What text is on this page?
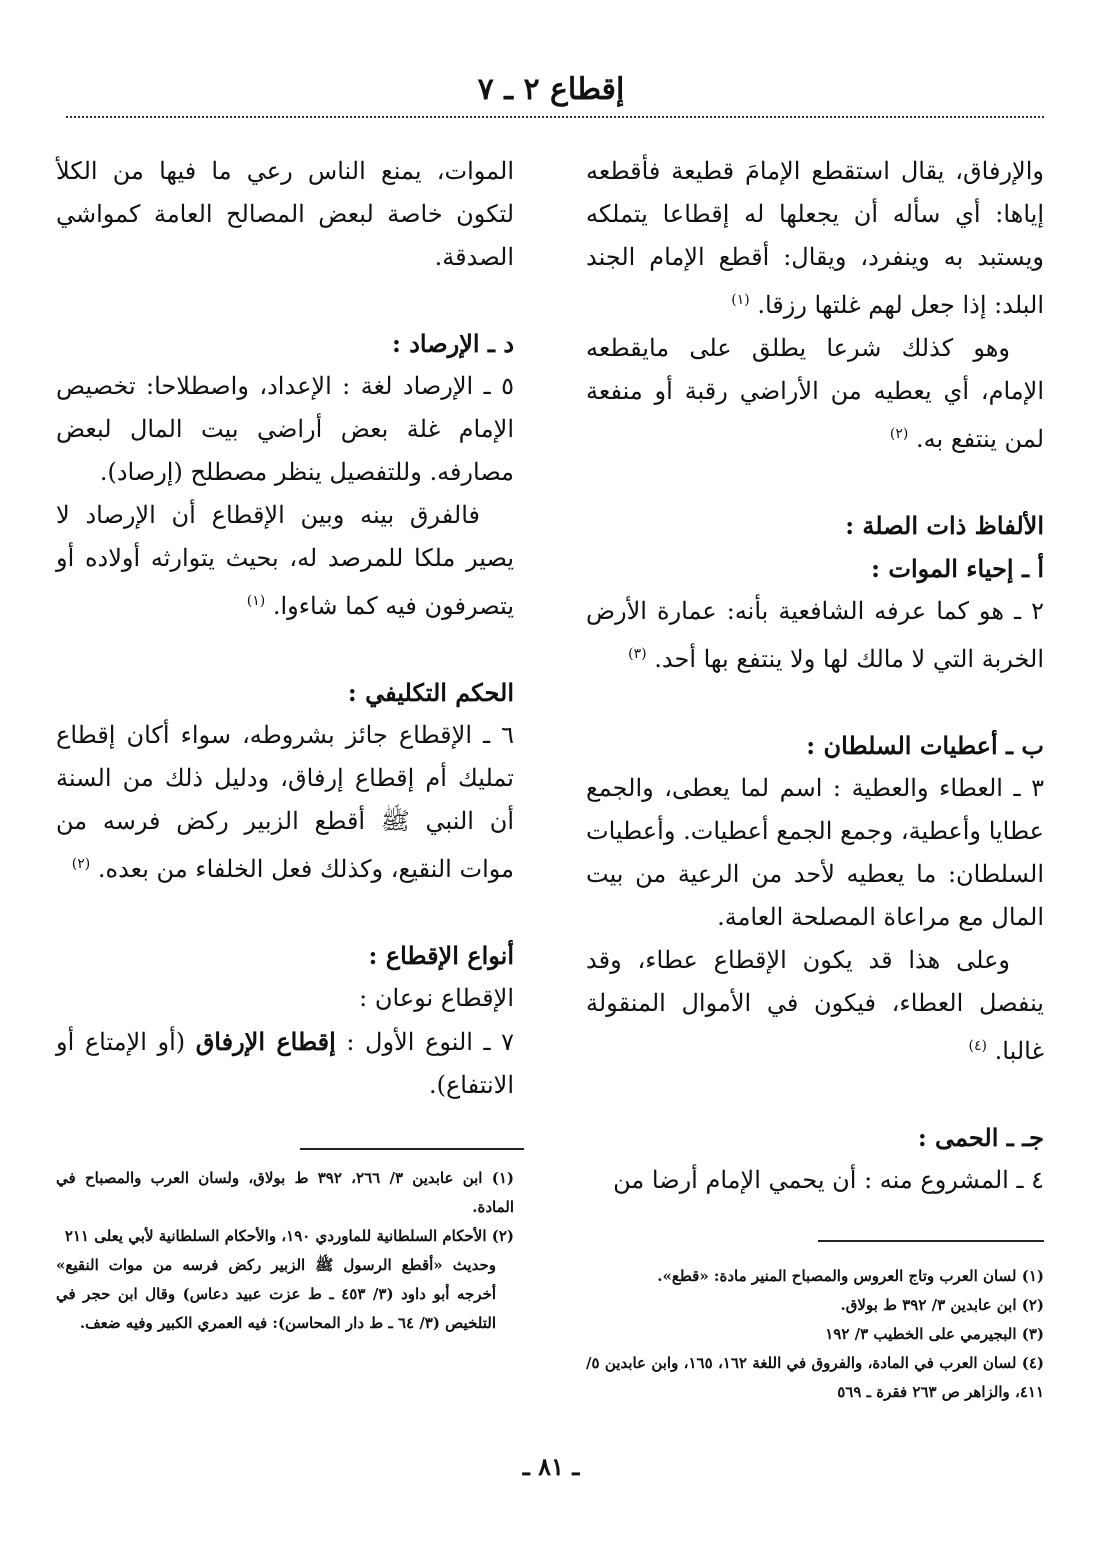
إقطاع ٢ ـ ٧

والإرفاق، يقال استقطع الإمامَ قطيعة فأقطعه إياها: أي سأله أن يجعلها له إقطاعا يتملكه ويستبد به وينفرد، ويقال: أقطع الإمام الجند البلد: إذا جعل لهم غلتها رزقا. $^{(١)}$

وهو كذلك شرعا يطلق على مايقطعه الإمام، أي يعطيه من الأراضي رقبة أو منفعة لمن ينتفع به. $^{(٢)}$

الألفاظ ذات الصلة :

أ ـ إحياء الموات :

٢ ـ هو كما عرفه الشافعية بأنه: عمارة الأرض الخربة التي لا مالك لها ولا ينتفع بها أحد. $^{(٣)}$

ب ـ أعطيات السلطان :

٣ ـ العطاء والعطية : اسم لما يعطى، والجمع عطايا وأعطية، وجمع الجمع أعطيات. وأعطيات السلطان: ما يعطيه لأحد من الرعية من بيت المال مع مراعاة المصلحة العامة.

وعلى هذا قد يكون الإقطاع عطاء، وقد ينفصل العطاء، فيكون في الأموال المنقولة غالبا. $^{(٤)}$

جـ ـ الحمى :

٤ ـ المشروع منه : أن يحمي الإمام أرضا من

الموات، يمنع الناس رعي ما فيها من الكلأ لتكون خاصة لبعض المصالح العامة كمواشي الصدقة.

د ـ الإرصاد :

٥ ـ الإرصاد لغة : الإعداد، واصطلاحا: تخصيص الإمام غلة بعض أراضي بيت المال لبعض مصارفه. وللتفصيل ينظر مصطلح (إرصاد).

فالفرق بينه وبين الإقطاع أن الإرصاد لا يصير ملكا للمرصد له، بحيث يتوارثه أولاده أو يتصرفون فيه كما شاءوا. $^{(١)}$

الحكم التكليفي :

٦ ـ الإقطاع جائز بشروطه، سواء أكان إقطاع تمليك أم إقطاع إرفاق، ودليل ذلك من السنة أن النبي ﷺ أقطع الزبير ركض فرسه من موات النقيع، وكذلك فعل الخلفاء من بعده. $^{(٢)}$

أنواع الإقطاع :

الإقطاع نوعان :

٧ ـ النوع الأول : إقطاع الإرفاق (أو الإمتاع أو الانتفاع).

(١) لسان العرب وتاج العروس والمصباح المنير مادة: «قطع».

(٢) ابن عابدين ٣/ ٣٩٢ ط بولاق.

(٣) البجيرمي على الخطيب ٣/ ١٩٢

(٤) لسان العرب في المادة، والفروق في اللغة ١٦٢، ١٦٥، وابن عابدين ٥/ ٤١١، والزاهر ص ٢٦٣ فقرة ـ ٥٦٩

(١) ابن عابدين ٣/ ٢٦٦، ٣٩٢ ط بولاق، ولسان العرب والمصباح في المادة.

(٢) الأحكام السلطانية للماوردي ١٩٠، والأحكام السلطانية لأبي يعلى ٢١١

وحديث «أقطع الرسول ﷺ الزبير ركض فرسه من موات النقيع» أخرجه أبو داود (٣/ ٤٥٣ ـ ط عزت عبيد دعاس) وقال ابن حجر في التلخيص (٣/ ٦٤ ـ ط دار المحاسن): فيه العمري الكبير وفيه ضعف.

ـ ٨١ ـ
